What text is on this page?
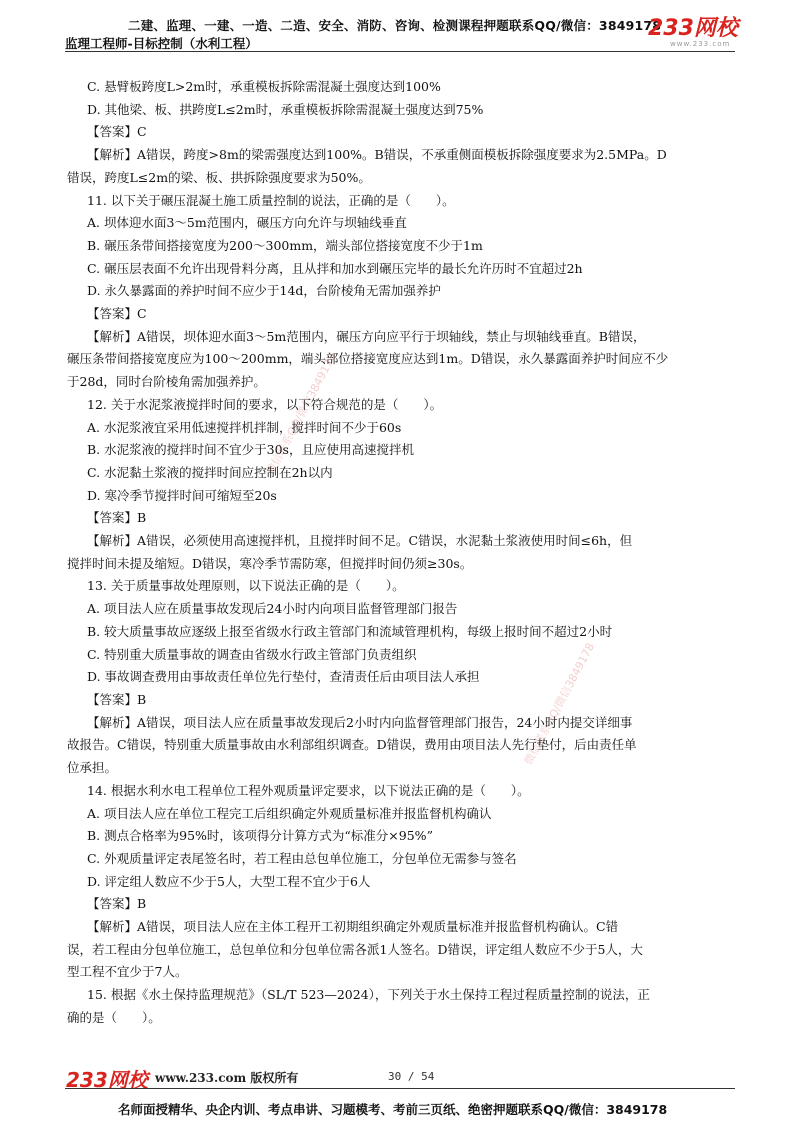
二建、监理、一建、一造、二造、安全、消防、咨询、检测课程押题联系QQ/微信：3849178
监理工程师-目标控制（水利工程）
233网校
www.233.com
微信联系QQ/微信3849178
微信联系QQ/微信3849178

C. 悬臂板跨度L>2m时，承重模板拆除需混凝土强度达到100%

D. 其他梁、板、拱跨度L≤2m时，承重模板拆除需混凝土强度达到75%

【答案】C

【解析】A错误，跨度>8m的梁需强度达到100%。B错误，不承重侧面模板拆除强度要求为2.5MPa。D

错误，跨度L≤2m的梁、板、拱拆除强度要求为50%。

11. 以下关于碾压混凝土施工质量控制的说法，正确的是（　　）。

A. 坝体迎水面3～5m范围内，碾压方向允许与坝轴线垂直

B. 碾压条带间搭接宽度为200～300mm，端头部位搭接宽度不少于1m

C. 碾压层表面不允许出现骨料分离，且从拌和加水到碾压完毕的最长允许历时不宜超过2h

D. 永久暴露面的养护时间不应少于14d，台阶棱角无需加强养护

【答案】C

【解析】A错误，坝体迎水面3～5m范围内，碾压方向应平行于坝轴线，禁止与坝轴线垂直。B错误，

碾压条带间搭接宽度应为100～200mm，端头部位搭接宽度应达到1m。D错误，永久暴露面养护时间应不少

于28d，同时台阶棱角需加强养护。

12. 关于水泥浆液搅拌时间的要求，以下符合规范的是（　　）。

A. 水泥浆液宜采用低速搅拌机拌制，搅拌时间不少于60s

B. 水泥浆液的搅拌时间不宜少于30s，且应使用高速搅拌机

C. 水泥黏土浆液的搅拌时间应控制在2h以内

D. 寒冷季节搅拌时间可缩短至20s

【答案】B

【解析】A错误，必须使用高速搅拌机，且搅拌时间不足。C错误，水泥黏土浆液使用时间≤6h，但

搅拌时间未提及缩短。D错误，寒冷季节需防寒，但搅拌时间仍须≥30s。

13. 关于质量事故处理原则，以下说法正确的是（　　）。

A. 项目法人应在质量事故发现后24小时内向项目监督管理部门报告

B. 较大质量事故应逐级上报至省级水行政主管部门和流域管理机构，每级上报时间不超过2小时

C. 特别重大质量事故的调查由省级水行政主管部门负责组织

D. 事故调查费用由事故责任单位先行垫付，查清责任后由项目法人承担

【答案】B

【解析】A错误，项目法人应在质量事故发现后2小时内向监督管理部门报告，24小时内提交详细事

故报告。C错误，特别重大质量事故由水利部组织调查。D错误，费用由项目法人先行垫付，后由责任单

位承担。

14. 根据水利水电工程单位工程外观质量评定要求，以下说法正确的是（　　）。

A. 项目法人应在单位工程完工后组织确定外观质量标准并报监督机构确认

B. 测点合格率为95%时，该项得分计算方式为“标准分×95%”

C. 外观质量评定表尾签名时，若工程由总包单位施工，分包单位无需参与签名

D. 评定组人数应不少于5人，大型工程不宜少于6人

【答案】B

【解析】A错误，项目法人应在主体工程开工初期组织确定外观质量标准并报监督机构确认。C错

误，若工程由分包单位施工，总包单位和分包单位需各派1人签名。D错误，评定组人数应不少于5人，大

型工程不宜少于7人。

15. 根据《水土保持监理规范》（SL/T 523—2024），下列关于水土保持工程过程质量控制的说法，正

确的是（　　）。

233网校 www.233.com 版权所有	30 / 54
名师面授精华、央企内训、考点串讲、习题模考、考前三页纸、绝密押题联系QQ/微信：3849178
